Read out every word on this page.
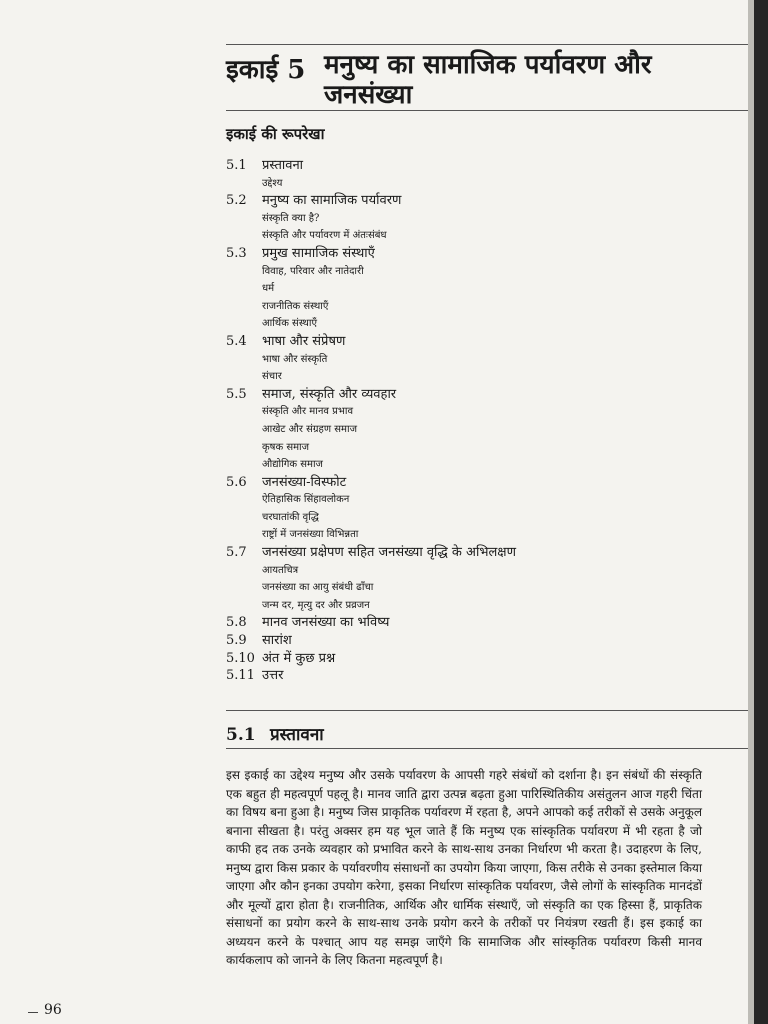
इकाई 5 मनुष्य का सामाजिक पर्यावरण और जनसंख्या
इकाई की रूपरेखा
5.1	प्रस्तावना
उद्देश्य
5.2	मनुष्य का सामाजिक पर्यावरण
संस्कृति क्या है?
संस्कृति और पर्यावरण में अंतःसंबंध
5.3	प्रमुख सामाजिक संस्थाएँ
विवाह, परिवार और नातेदारी
धर्म
राजनीतिक संस्थाएँ
आर्थिक संस्थाएँ
5.4	भाषा और संप्रेषण
भाषा और संस्कृति
संचार
5.5	समाज, संस्कृति और व्यवहार
संस्कृति और मानव प्रभाव
आखेट और संग्रहण समाज
कृषक समाज
औद्योगिक समाज
5.6	जनसंख्या-विस्फोट
ऐतिहासिक सिंहावलोकन
चरघातांकी वृद्धि
राष्ट्रों में जनसंख्या विभिन्नता
5.7	जनसंख्या प्रक्षेपण सहित जनसंख्या वृद्धि के अभिलक्षण
आयतचित्र
जनसंख्या का आयु संबंधी ढाँचा
जन्म दर, मृत्यु दर और प्रव्रजन
5.8	मानव जनसंख्या का भविष्य
5.9	सारांश
5.10 अंत में कुछ प्रश्न
5.11 उत्तर
5.1 प्रस्तावना

इस इकाई का उद्देश्य मनुष्य और उसके पर्यावरण के आपसी गहरे संबंधों को दर्शाना है। इन संबंधों की संस्कृति एक बहुत ही महत्वपूर्ण पहलू है। मानव जाति द्वारा उत्पन्न बढ़ता हुआ पारिस्थितिकीय असंतुलन आज गहरी चिंता का विषय बना हुआ है। मनुष्य जिस प्राकृतिक पर्यावरण में रहता है, अपने आपको कई तरीकों से उसके अनुकूल बनाना सीखता है। परंतु अक्सर हम यह भूल जाते हैं कि मनुष्य एक सांस्कृतिक पर्यावरण में भी रहता है जो काफी हद तक उनके व्यवहार को प्रभावित करने के साथ-साथ उनका निर्धारण भी करता है। उदाहरण के लिए, मनुष्य द्वारा किस प्रकार के पर्यावरणीय संसाधनों का उपयोग किया जाएगा, किस तरीके से उनका इस्तेमाल किया जाएगा और कौन इनका उपयोग करेगा, इसका निर्धारण सांस्कृतिक पर्यावरण, जैसे लोगों के सांस्कृतिक मानदंडों और मूल्यों द्वारा होता है। राजनीतिक, आर्थिक और धार्मिक संस्थाएँ, जो संस्कृति का एक हिस्सा हैं, प्राकृतिक संसाधनों का प्रयोग करने के साथ-साथ उनके प्रयोग करने के तरीकों पर नियंत्रण रखती हैं। इस इकाई का अध्ययन करने के पश्चात् आप यह समझ जाएँगे कि सामाजिक और सांस्कृतिक पर्यावरण किसी मानव कार्यकलाप को जानने के लिए कितना महत्वपूर्ण है।

96
